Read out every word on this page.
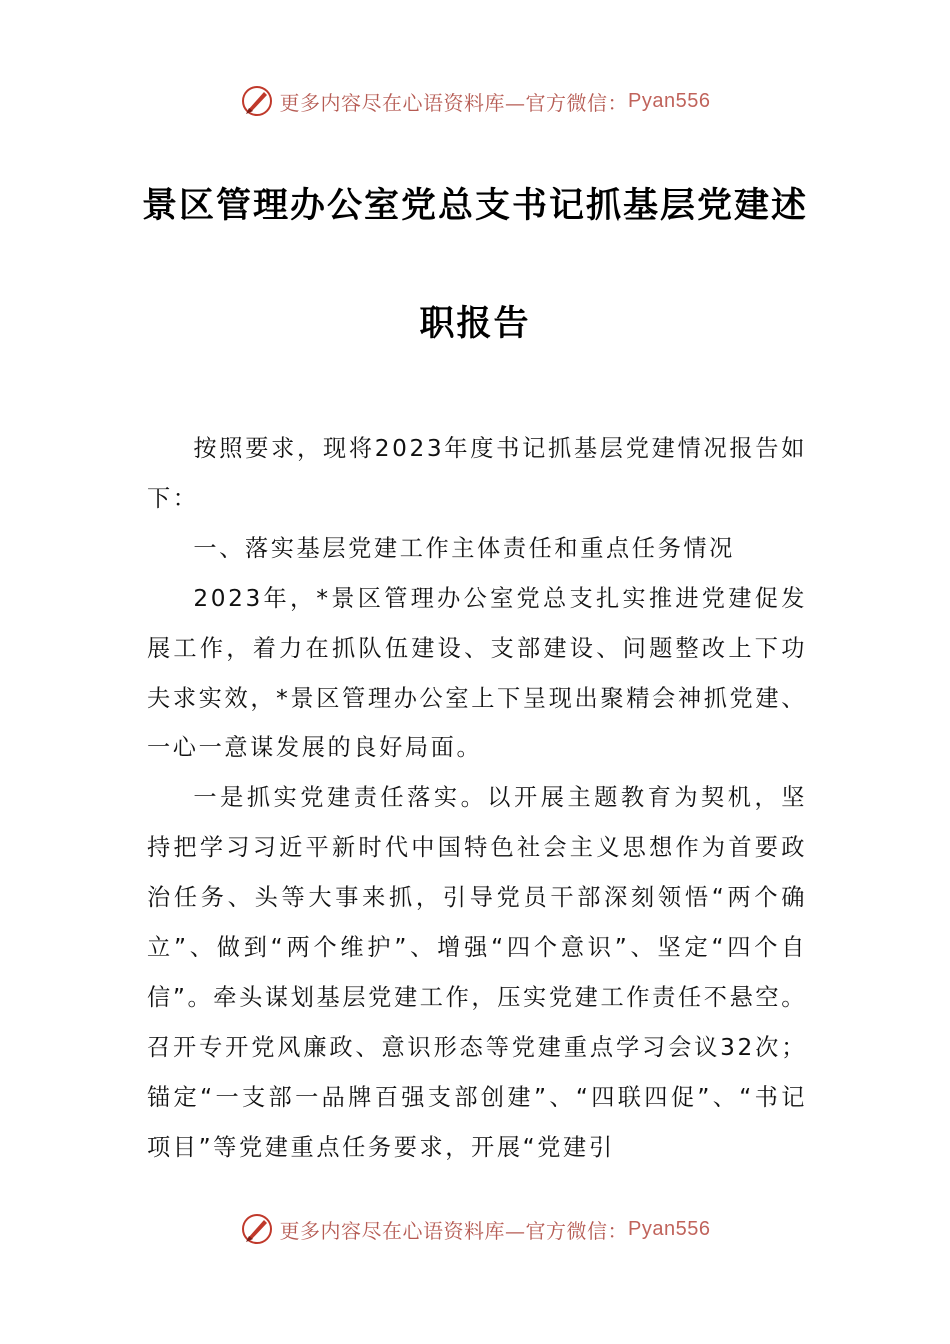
更多内容尽在心语资料库—官方微信： Pyan556
景区管理办公室党总支书记抓基层党建述
职报告

按照要求，现将2023年度书记抓基层党建情况报告如下：

一、落实基层党建工作主体责任和重点任务情况

2023年，*景区管理办公室党总支扎实推进党建促发展工作，着力在抓队伍建设、支部建设、问题整改上下功夫求实效，*景区管理办公室上下呈现出聚精会神抓党建、一心一意谋发展的良好局面。

一是抓实党建责任落实。以开展主题教育为契机，坚持把学习习近平新时代中国特色社会主义思想作为首要政治任务、头等大事来抓，引导党员干部深刻领悟“两个确立”、做到“两个维护”、增强“四个意识”、坚定“四个自信”。牵头谋划基层党建工作，压实党建工作责任不悬空。召开专开党风廉政、意识形态等党建重点学习会议32次；锚定“一支部一品牌百强支部创建”、“四联四促”、“书记项目”等党建重点任务要求，开展“党建引

更多内容尽在心语资料库—官方微信： Pyan556
